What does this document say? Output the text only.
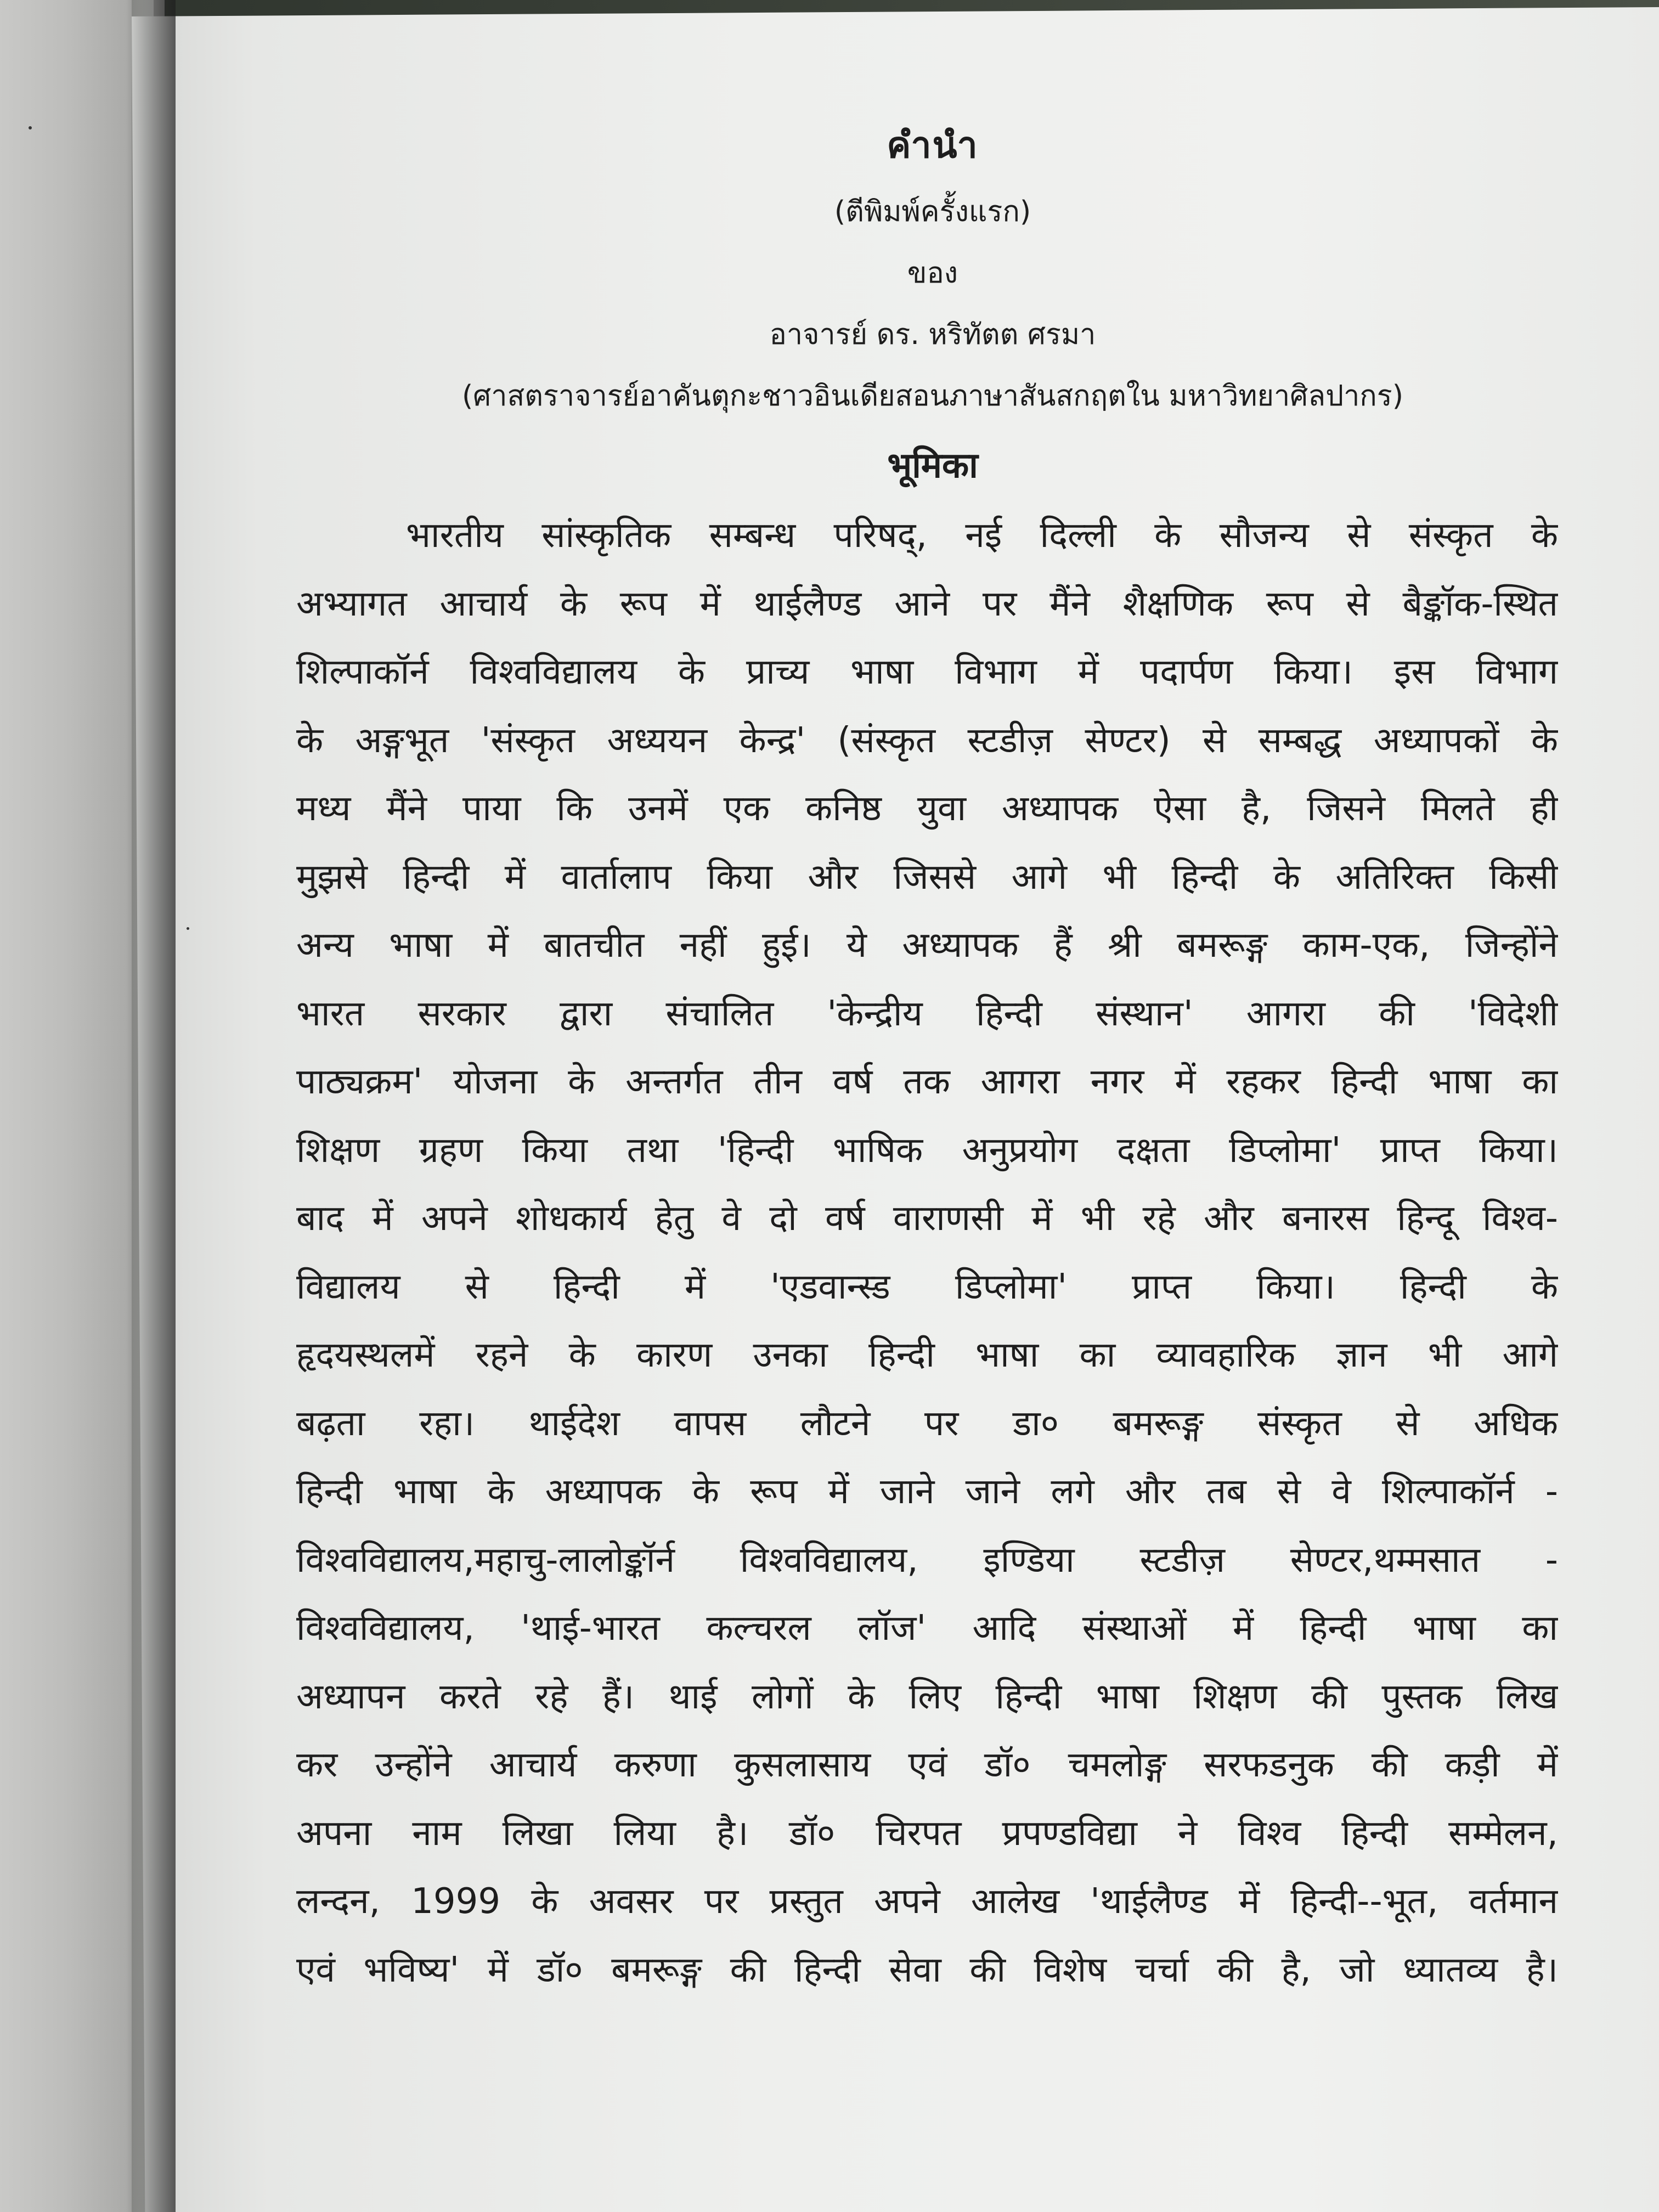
คำนำ
(ตีพิมพ์ครั้งแรก)
ของ
อาจารย์ ดร. หริทัตต ศรมา
(ศาสตราจารย์อาคันตุกะชาวอินเดียสอนภาษาสันสกฤตใน มหาวิทยาศิลปากร)
भूमिका
भारतीय सांस्कृतिक सम्बन्ध परिषद्, नई दिल्ली के सौजन्य से संस्कृत के
अभ्यागत आचार्य के रूप में थाईलैण्ड आने पर मैंने शैक्षणिक रूप से बैङ्कॉक-स्थित
शिल्पाकॉर्न विश्वविद्यालय के प्राच्य भाषा विभाग में पदार्पण किया। इस विभाग
के अङ्गभूत 'संस्कृत अध्ययन केन्द्र' (संस्कृत स्टडीज़ सेण्टर) से सम्बद्ध अध्यापकों के
मध्य मैंने पाया कि उनमें एक कनिष्ठ युवा अध्यापक ऐसा है, जिसने मिलते ही
मुझसे हिन्दी में वार्तालाप किया और जिससे आगे भी हिन्दी के अतिरिक्त किसी
अन्य भाषा में बातचीत नहीं हुई। ये अध्यापक हैं श्री बमरूङ्ग काम-एक, जिन्होंने
भारत सरकार द्वारा संचालित 'केन्द्रीय हिन्दी संस्थान' आगरा की 'विदेशी
पाठ्यक्रम' योजना के अन्तर्गत तीन वर्ष तक आगरा नगर में रहकर हिन्दी भाषा का
शिक्षण ग्रहण किया तथा 'हिन्दी भाषिक अनुप्रयोग दक्षता डिप्लोमा' प्राप्त किया।
बाद में अपने शोधकार्य हेतु वे दो वर्ष वाराणसी में भी रहे और बनारस हिन्दू विश्व-
विद्यालय से हिन्दी में 'एडवान्स्ड डिप्लोमा' प्राप्त किया। हिन्दी के
हृदयस्थलमें रहने के कारण उनका हिन्दी भाषा का व्यावहारिक ज्ञान भी आगे
बढ़ता रहा। थाईदेश वापस लौटने पर डा० बमरूङ्ग संस्कृत से अधिक
हिन्दी भाषा के अध्यापक के रूप में जाने जाने लगे और तब से वे शिल्पाकॉर्न -
विश्वविद्यालय,महाचु-लालोङ्कॉर्न विश्वविद्यालय, इण्डिया स्टडीज़ सेण्टर,थम्मसात -
विश्वविद्यालय, 'थाई-भारत कल्चरल लॉज' आदि संस्थाओं में हिन्दी भाषा का
अध्यापन करते रहे हैं। थाई लोगों के लिए हिन्दी भाषा शिक्षण की पुस्तक लिख
कर उन्होंने आचार्य करुणा कुसलासाय एवं डॉ० चमलोङ्ग सरफडनुक की कड़ी में
अपना नाम लिखा लिया है। डॉ० चिरपत प्रपण्डविद्या ने विश्व हिन्दी सम्मेलन,
लन्दन, 1999 के अवसर पर प्रस्तुत अपने आलेख 'थाईलैण्ड में हिन्दी--भूत, वर्तमान
एवं भविष्य' में डॉ० बमरूङ्ग की हिन्दी सेवा की विशेष चर्चा की है, जो ध्यातव्य है।
